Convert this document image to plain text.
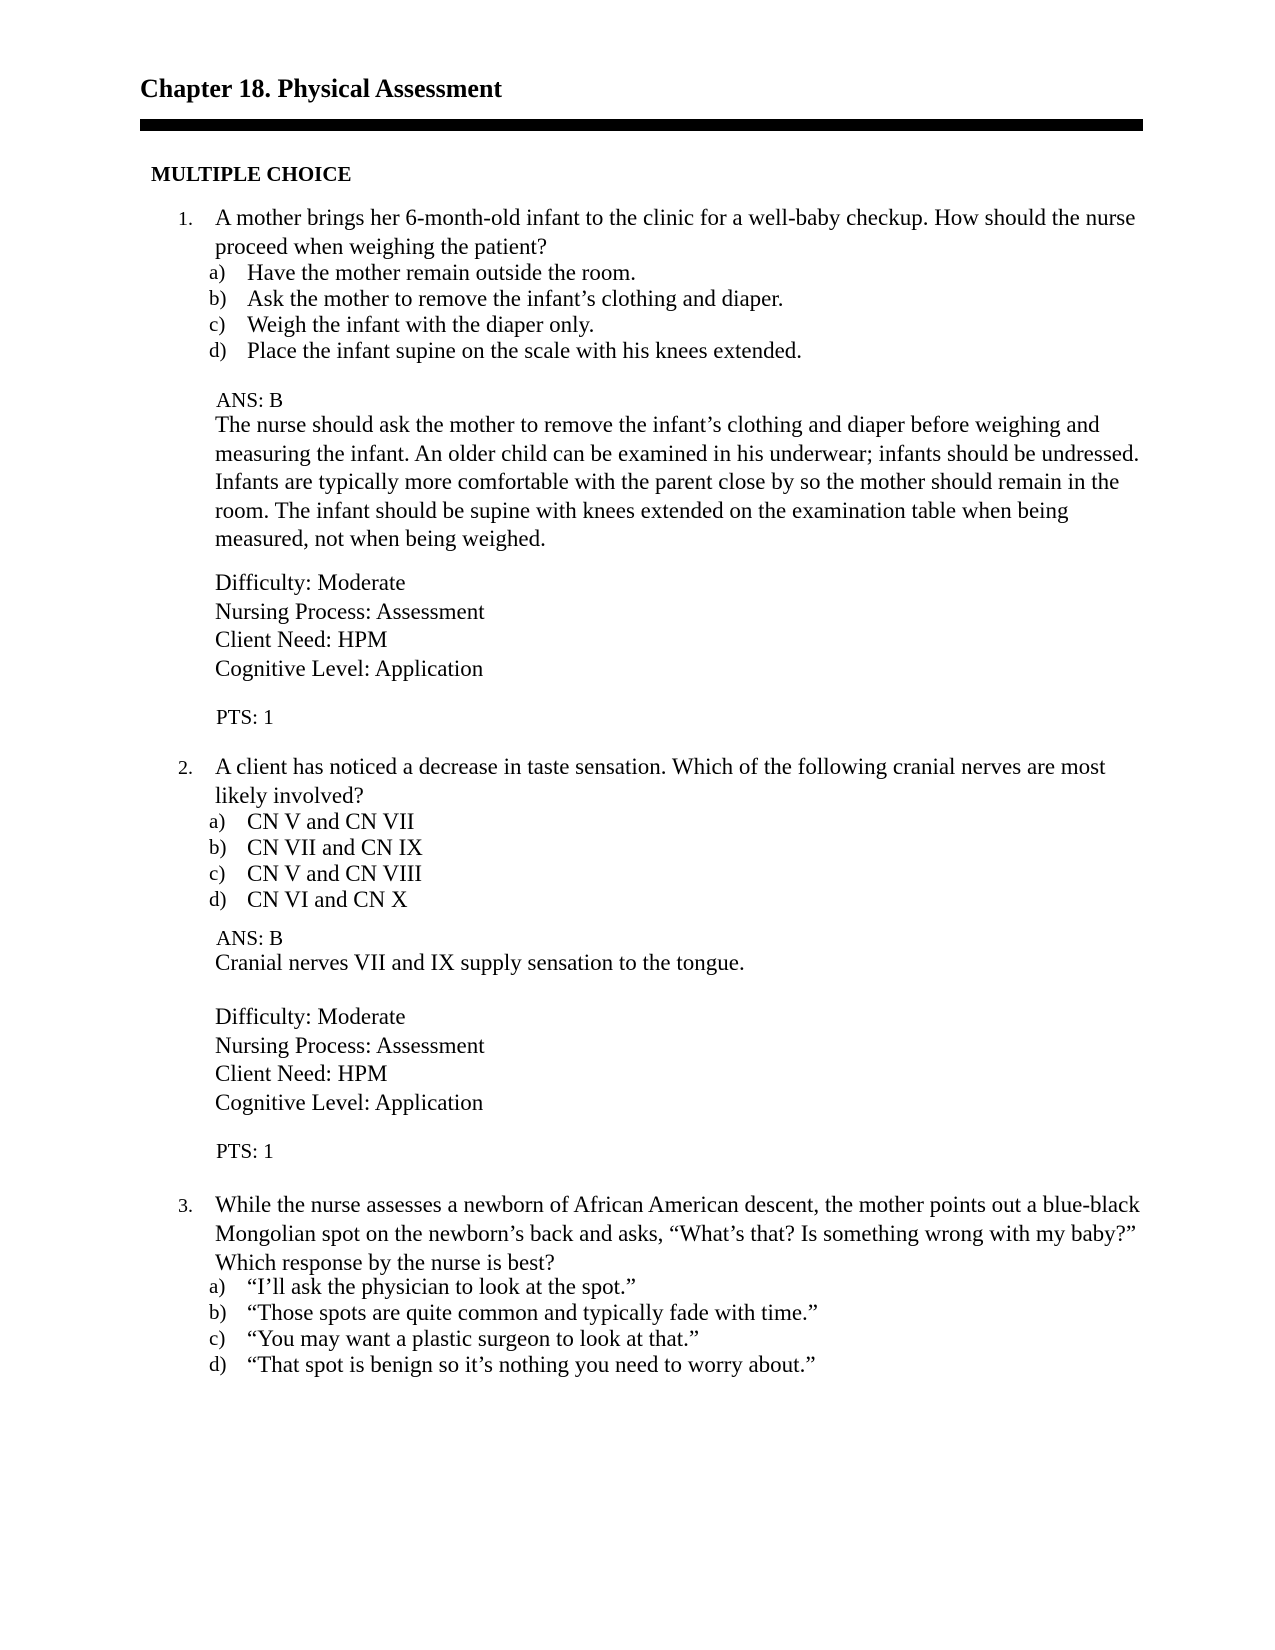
Chapter 18. Physical Assessment
MULTIPLE CHOICE
1. A mother brings her 6-month-old infant to the clinic for a well-baby checkup. How should the nurse proceed when weighing the patient?
a) Have the mother remain outside the room.
b) Ask the mother to remove the infant’s clothing and diaper.
c) Weigh the infant with the diaper only.
d) Place the infant supine on the scale with his knees extended.
ANS: B
The nurse should ask the mother to remove the infant’s clothing and diaper before weighing and measuring the infant. An older child can be examined in his underwear; infants should be undressed. Infants are typically more comfortable with the parent close by so the mother should remain in the room. The infant should be supine with knees extended on the examination table when being measured, not when being weighed.
Difficulty: Moderate
Nursing Process: Assessment
Client Need: HPM
Cognitive Level: Application
PTS: 1
2. A client has noticed a decrease in taste sensation. Which of the following cranial nerves are most likely involved?
a) CN V and CN VII
b) CN VII and CN IX
c) CN V and CN VIII
d) CN VI and CN X
ANS: B
Cranial nerves VII and IX supply sensation to the tongue.
Difficulty: Moderate
Nursing Process: Assessment
Client Need: HPM
Cognitive Level: Application
PTS: 1
3. While the nurse assesses a newborn of African American descent, the mother points out a blue-black Mongolian spot on the newborn’s back and asks, “What’s that? Is something wrong with my baby?” Which response by the nurse is best?
a) “I’ll ask the physician to look at the spot.”
b) “Those spots are quite common and typically fade with time.”
c) “You may want a plastic surgeon to look at that.”
d) “That spot is benign so it’s nothing you need to worry about.”
